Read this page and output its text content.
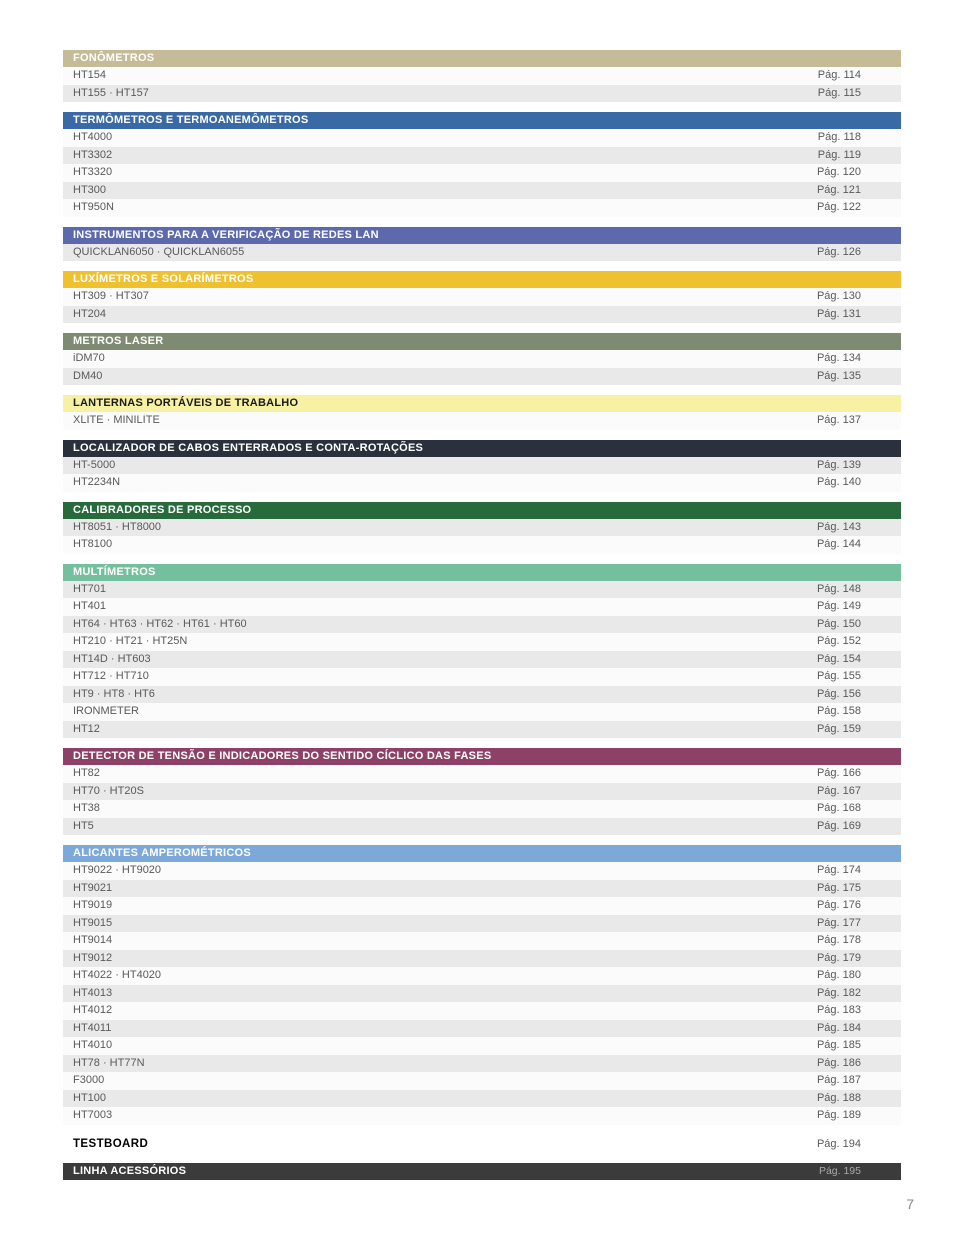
FONÔMETROS
HT154	Pág. 114
HT155 · HT157	Pág. 115
TERMÔMETROS E TERMOANEMÔMETROS
HT4000	Pág. 118
HT3302	Pág. 119
HT3320	Pág. 120
HT300	Pág. 121
HT950N	Pág. 122
INSTRUMENTOS PARA A VERIFICAÇÃO DE REDES LAN
QUICKLAN6050 · QUICKLAN6055	Pág. 126
LUXÍMETROS E SOLARÍMETROS
HT309 · HT307	Pág. 130
HT204	Pág. 131
METROS LASER
iDM70	Pág. 134
DM40	Pág. 135
LANTERNAS PORTÁVEIS DE TRABALHO
XLITE · MINILITE	Pág. 137
LOCALIZADOR DE CABOS ENTERRADOS E CONTA-ROTAÇÕES
HT-5000	Pág. 139
HT2234N	Pág. 140
CALIBRADORES DE PROCESSO
HT8051 · HT8000	Pág. 143
HT8100	Pág. 144
MULTÍMETROS
HT701	Pág. 148
HT401	Pág. 149
HT64 · HT63 · HT62 · HT61 · HT60	Pág. 150
HT210 · HT21 · HT25N	Pág. 152
HT14D · HT603	Pág. 154
HT712 · HT710	Pág. 155
HT9 · HT8 · HT6	Pág. 156
IRONMETER	Pág. 158
HT12	Pág. 159
DETECTOR DE TENSÃO E INDICADORES DO SENTIDO CÍCLICO DAS FASES
HT82	Pág. 166
HT70 · HT20S	Pág. 167
HT38	Pág. 168
HT5	Pág. 169
ALICANTES AMPEROMÉTRICOS
HT9022 · HT9020	Pág. 174
HT9021	Pág. 175
HT9019	Pág. 176
HT9015	Pág. 177
HT9014	Pág. 178
HT9012	Pág. 179
HT4022 · HT4020	Pág. 180
HT4013	Pág. 182
HT4012	Pág. 183
HT4011	Pág. 184
HT4010	Pág. 185
HT78 · HT77N	Pág. 186
F3000	Pág. 187
HT100	Pág. 188
HT7003	Pág. 189
TESTBOARD	Pág. 194
LINHA ACESSÓRIOS	Pág. 195
7
